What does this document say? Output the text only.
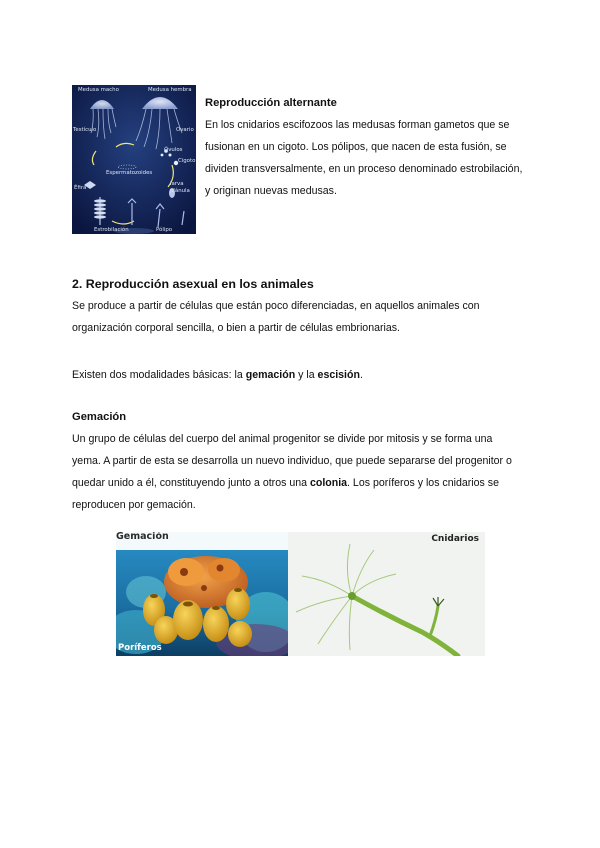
Medusa macho	Medusa hembra
Testículo	Ovario
Óvulos
Cigoto
Espermatozoides
larva
plánula
Éfira
Estrobilación	Pólipo

Reproducción alternante

En los cnidarios escifozoos las medusas forman gametos que se

fusionan en un cigoto. Los pólipos, que nacen de esta fusión, se

dividen transversalmente, en un proceso denominado estrobilación,

y originan nuevas medusas.

2. Reproducción asexual en los animales

Se produce a partir de células que están poco diferenciadas, en aquellos animales con

organización corporal sencilla, o bien a partir de células embrionarias.

Existen dos modalidades básicas: la gemación y la escisión.

Gemación

Un grupo de células del cuerpo del animal progenitor se divide por mitosis y se forma una

yema. A partir de esta se desarrolla un nuevo individuo, que puede separarse del progenitor o

quedar unido a él, constituyendo junto a otros una colonia. Los poríferos y los cnidarios se

reproducen por gemación.

Gemación
Poríferos
Cnidarios
